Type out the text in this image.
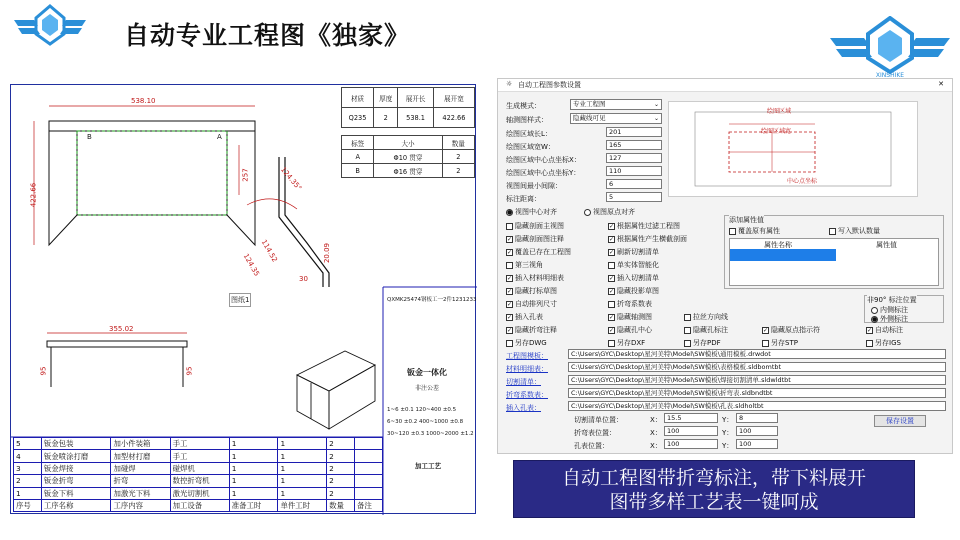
自动专业工程图《独家》
XINSHIKE
538.10
422.66
B	A
257	124.35°
114.52
124.35
30
20.09
图纸1
355.02
95	95
材质	厚度	展开长	展开宽
Q235	2	538.1	422.66
标签	大小	数量
A	Φ10 贯穿	2
B	Φ16 贯穿	2
QXMK25474钢板工一2件1231233
钣金一体化
非注公差
1~6 ±0.1 120~400 ±0.5
6~30 ±0.2 400~1000 ±0.8
30~120 ±0.3 1000~2000 ±1.2
加工工艺
5	钣金包装	加小件装箱	手工	1	1	2	
4	钣金喷涂打磨	加型材打磨	手工	1	1	2	
3	钣金焊接	加碰焊	碰焊机	1	1	2	
2	钣金折弯	折弯	数控折弯机	1	1	2	
1	钣金下料	加激光下料	激光切割机	1	1	2	
序号	工序名称	工序内容	加工设备	准备工时	单件工时	数量	备注
☼ 自动工程图参数设置	✕
生成模式：	专业工程图	⌄
轴测图样式：	隐藏线可见	⌄
绘图区域长L：	201
绘图区域宽W：	165
绘图区域中心点坐标X：	127
绘图区域中心点坐标Y：	110
视图间最小间隙：	6
标注距离：	5
● 视图中心对齐	视图原点对齐
绘图区域
绘图区域宽
中心点坐标
隐藏剖面主视图
✓ 隐藏剖面图注释
✓ 覆盖已存在工程图
第三视角
✓ 插入材料明细表
✓ 隐藏打标草图
✓ 自动排列尺寸
✓ 插入孔表
✓ 隐藏折弯注释
另存DWG
✓ 根据属性过滤工程图
✓ 根据属性产生横截剖面
✓ 刷新切割清单
单实体智能化
✓ 插入切割清单
✓ 隐藏投影草图
折弯系数表
✓ 隐藏轴测图
✓ 隐藏孔中心
另存DXF
拉丝方向线
隐藏孔标注
另存PDF
✓ 隐藏原点指示符
另存STP	另存IGS
✓ 自动标注
添加属性值
覆盖原有属性	写入默认数量
属性名称	属性值
非90° 标注位置
内侧标注
● 外侧标注
工程图模板：	C:\Users\GYC\Desktop\星河美特\Model\SW模板\通用模板.drwdot
材料明细表：	C:\Users\GYC\Desktop\星河美特\Model\SW模板\表格模板.sldbomtbt
切割清单：	C:\Users\GYC\Desktop\星河美特\Model\SW模板\焊接切割清单.sldwldtbt
折弯系数表：	C:\Users\GYC\Desktop\星河美特\Model\SW模板\折弯表.sldbndtbt
插入孔表：	C:\Users\GYC\Desktop\星河美特\Model\SW模板\孔表.sldholtbt
切割清单位置：	X： 15.5	Y： 8
折弯表位置：	X： 100	Y： 100
孔表位置：	X： 100	Y： 100
保存设置
自动工程图带折弯标注，带下料展开
图带多样工艺表一键呵成
